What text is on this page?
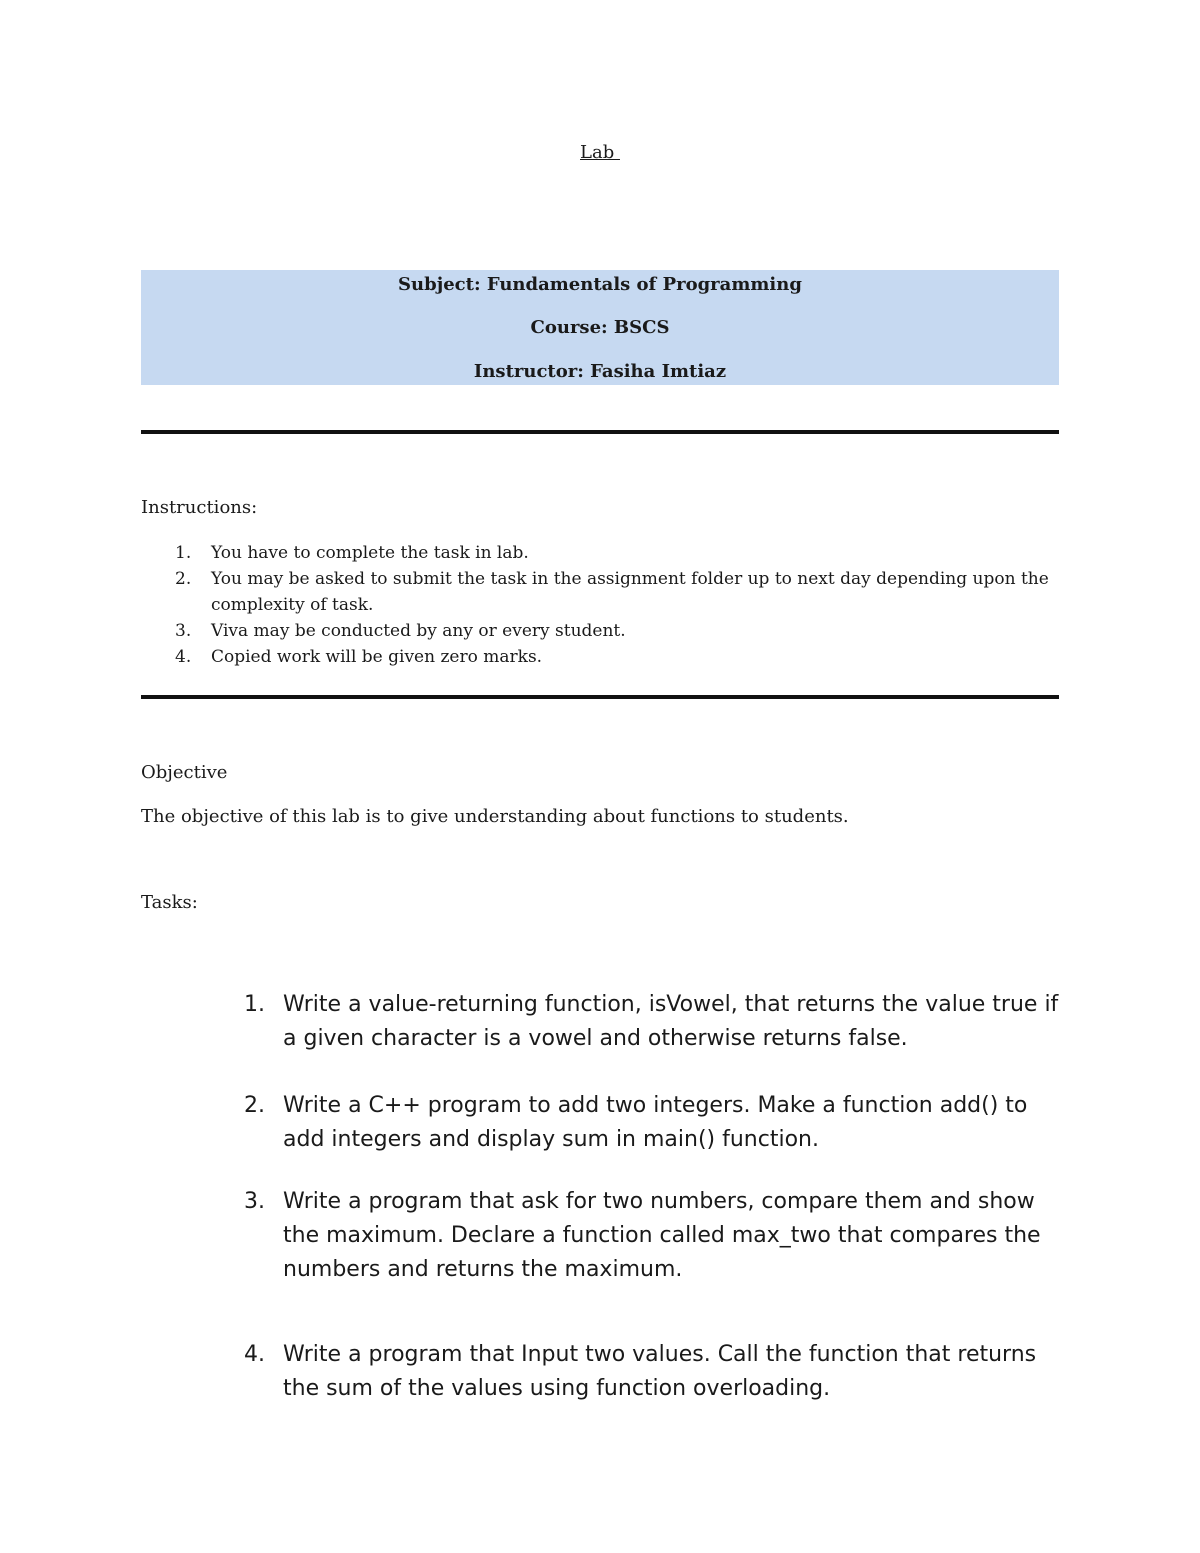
Lab
Subject: Fundamentals of Programming
Course: BSCS
Instructor: Fasiha Imtiaz
Instructions:
1. You have to complete the task in lab.
2. You may be asked to submit the task in the assignment folder up to next day depending upon the complexity of task.
3. Viva may be conducted by any or every student.
4. Copied work will be given zero marks.
Objective
The objective of this lab is to give understanding about functions to students.
Tasks:
1. Write a value-returning function, isVowel, that returns the value true if a given character is a vowel and otherwise returns false.
2. Write a C++ program to add two integers. Make a function add() to add integers and display sum in main() function.
3. Write a program that ask for two numbers, compare them and show the maximum. Declare a function called max_two that compares the numbers and returns the maximum.
4. Write a program that Input two values. Call the function that returns the sum of the values using function overloading.
